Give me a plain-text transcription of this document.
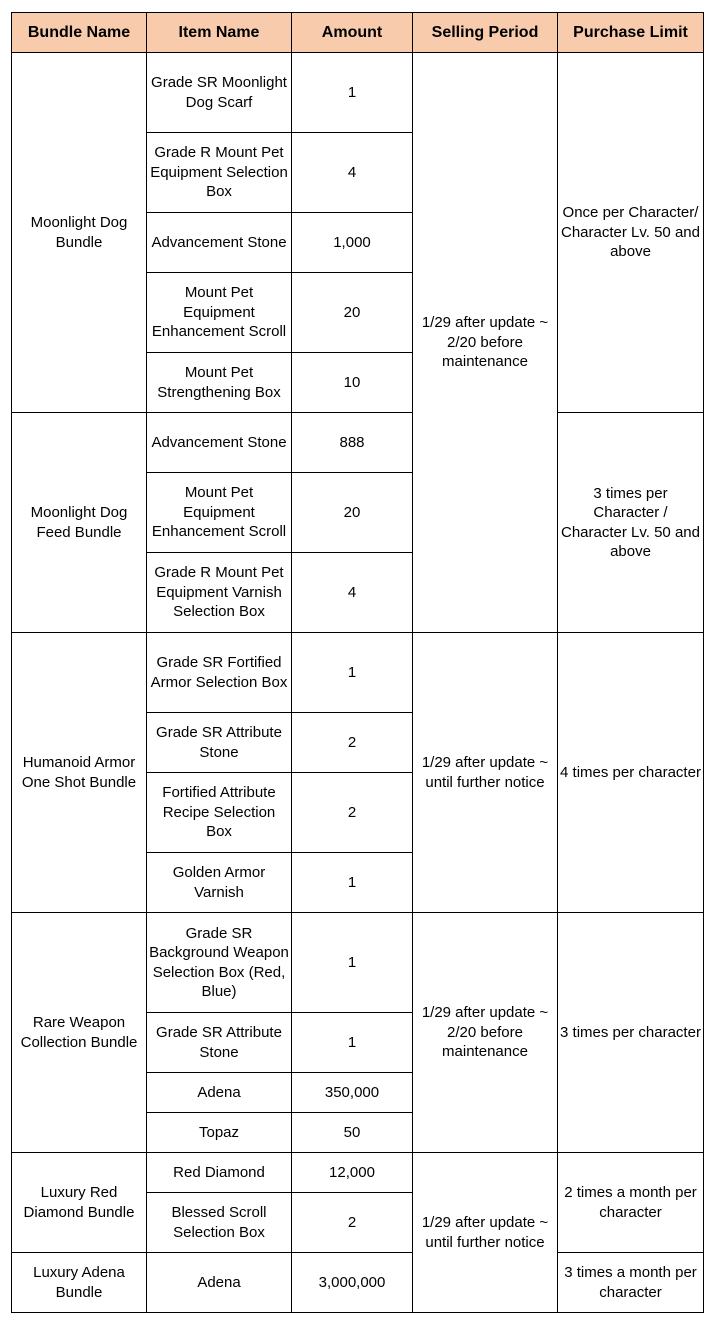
Bundle Name	Item Name	Amount	Selling Period	Purchase Limit
Moonlight Dog Bundle	Grade SR Moonlight Dog Scarf	1	1/29 after update ~ 2/20 before maintenance	Once per Character/ Character Lv. 50 and above
	Grade R Mount Pet Equipment Selection Box	4		
	Advancement Stone	1,000		
	Mount Pet Equipment Enhancement Scroll	20		
	Mount Pet Strengthening Box	10		
Moonlight Dog Feed Bundle	Advancement Stone	888		3 times per Character / Character Lv. 50 and above
	Mount Pet Equipment Enhancement Scroll	20		
	Grade R Mount Pet Equipment Varnish Selection Box	4		
Humanoid Armor One Shot Bundle	Grade SR Fortified Armor Selection Box	1	1/29 after update ~ until further notice	4 times per character
	Grade SR Attribute Stone	2		
	Fortified Attribute Recipe Selection Box	2		
	Golden Armor Varnish	1		
Rare Weapon Collection Bundle	Grade SR Background Weapon Selection Box (Red, Blue)	1	1/29 after update ~ 2/20 before maintenance	3 times per character
	Grade SR Attribute Stone	1		
	Adena	350,000		
	Topaz	50		
Luxury Red Diamond Bundle	Red Diamond	12,000	1/29 after update ~ until further notice	2 times a month per character
	Blessed Scroll Selection Box	2		
Luxury Adena Bundle	Adena	3,000,000		3 times a month per character
